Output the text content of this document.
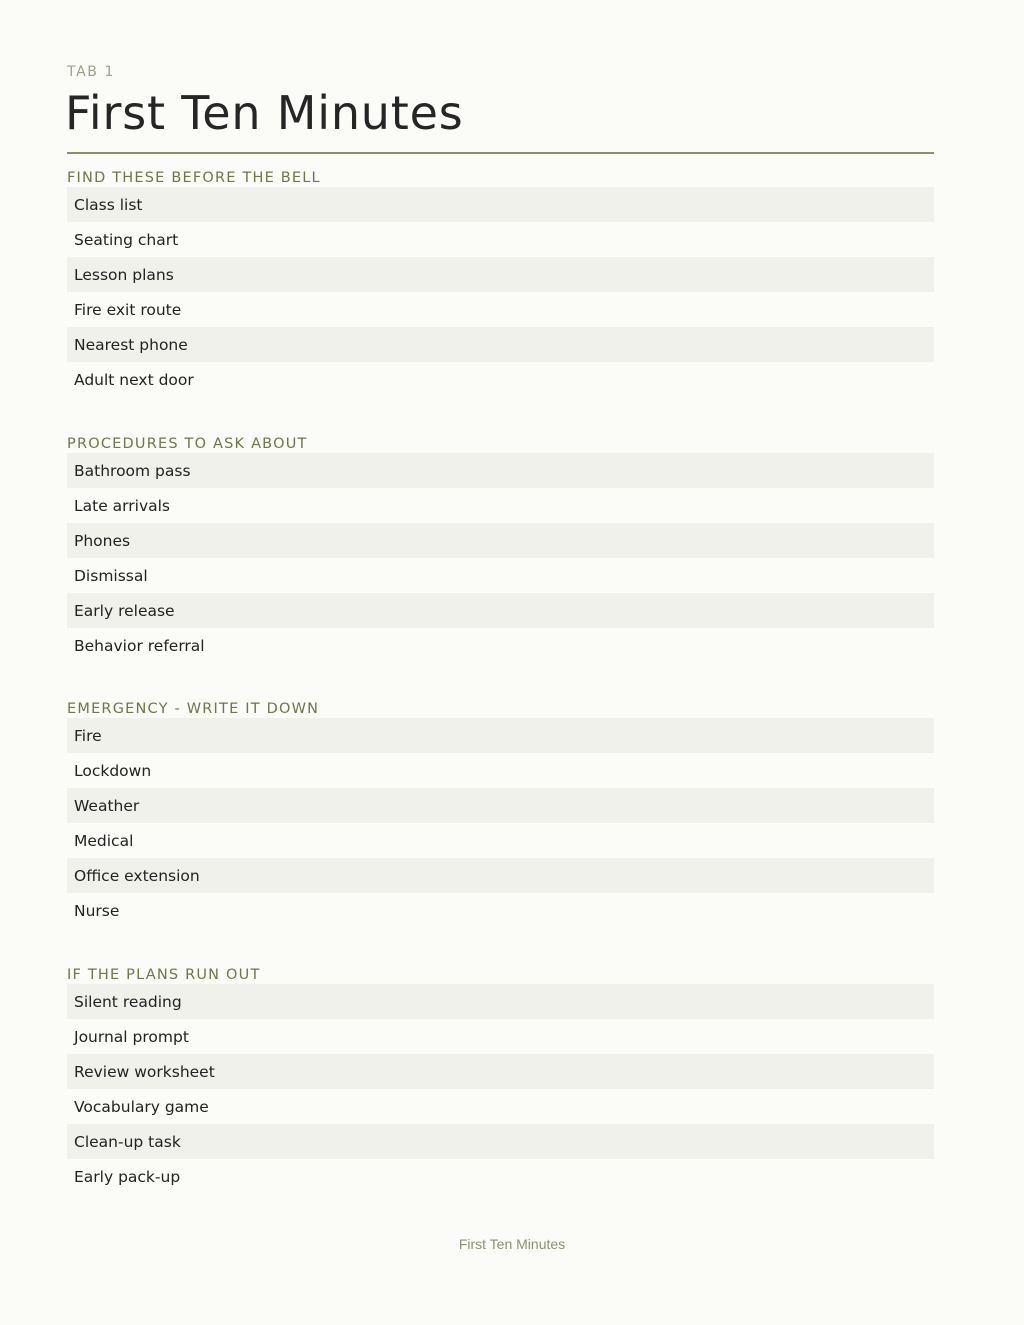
TAB 1
First Ten Minutes
FIND THESE BEFORE THE BELL
Class list
Seating chart
Lesson plans
Fire exit route
Nearest phone
Adult next door
PROCEDURES TO ASK ABOUT
Bathroom pass
Late arrivals
Phones
Dismissal
Early release
Behavior referral
EMERGENCY - WRITE IT DOWN
Fire
Lockdown
Weather
Medical
Office extension
Nurse
IF THE PLANS RUN OUT
Silent reading
Journal prompt
Review worksheet
Vocabulary game
Clean-up task
Early pack-up
First Ten Minutes
